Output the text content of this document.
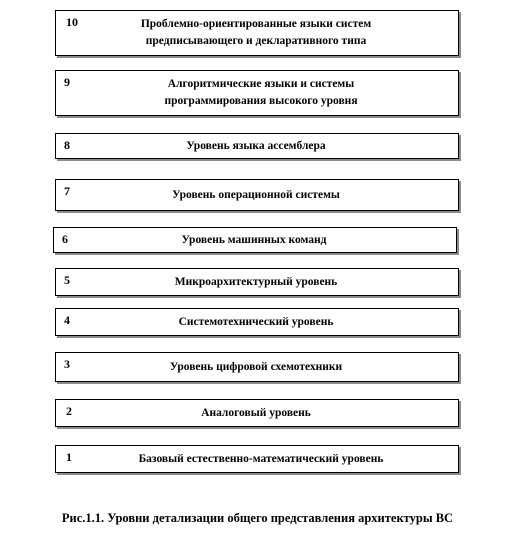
10	Проблемно-ориентированные языки систем
предписывающего и декларативного типа
9	Алгоритмические языки и системы
программирования высокого уровня
8	Уровень языка ассемблера
7	Уровень операционной системы
6	Уровень машинных команд
5	Микроархитектурный уровень
4	Системотехнический уровень
3	Уровень цифровой схемотехники
2	Аналоговый уровень
1	Базовый естественно-математический уровень
Рис.1.1. Уровни детализации общего представления архитектуры ВС
